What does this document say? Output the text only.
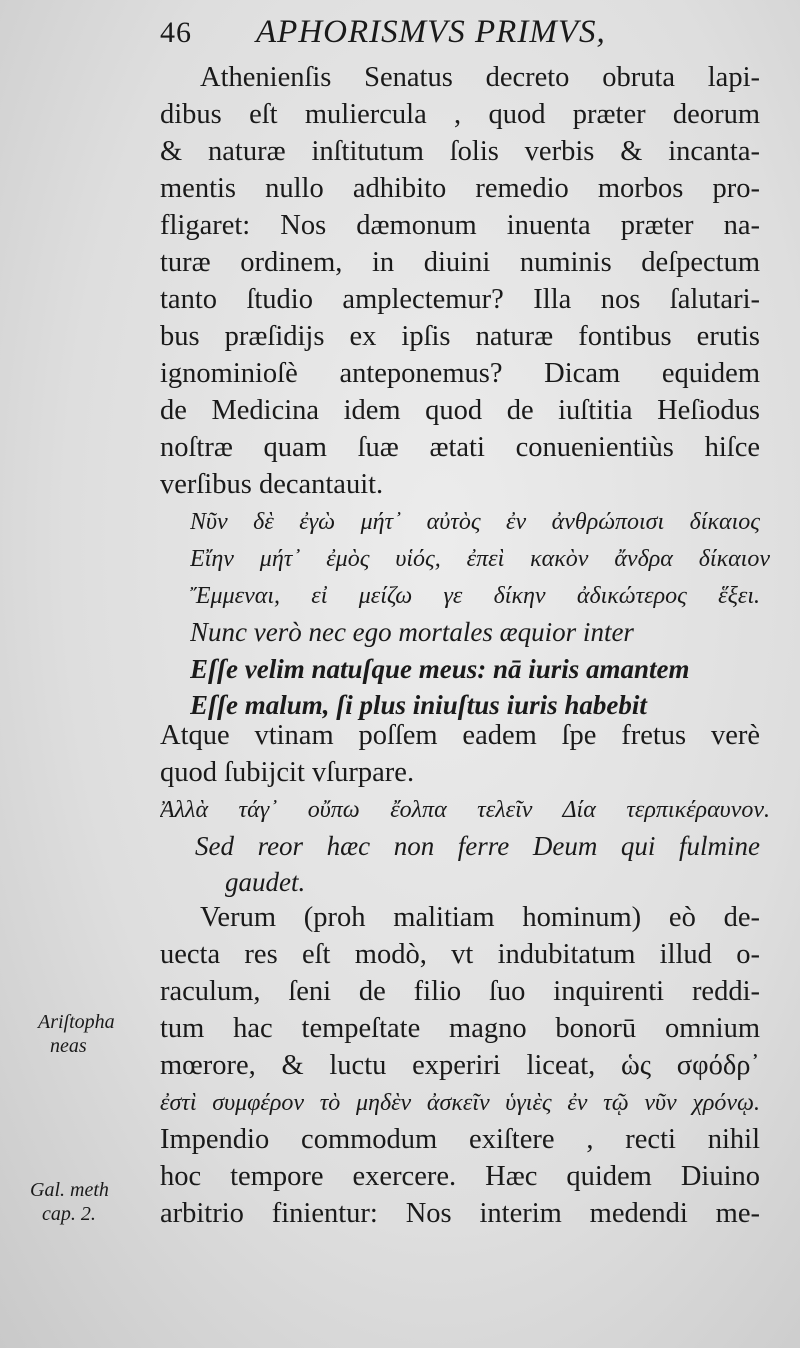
46 APHORISMVS PRIMVS,
Athenienſis Senatus decreto obruta lapi-
dibus eſt muliercula , quod præter deorum
& naturæ inſtitutum ſolis verbis & incanta-
mentis nullo adhibito remedio morbos pro-
fligaret: Nos dæmonum inuenta præter na-
turæ ordinem, in diuini numinis deſpectum
tanto ſtudio amplectemur? Illa nos ſalutari-
bus præſidijs ex ipſis naturæ fontibus erutis
ignominioſè anteponemus? Dicam equidem
de Medicina idem quod de iuſtitia Heſiodus
noſtræ quam ſuæ ætati conuenientiùs hiſce
verſibus decantauit.
Νῦν δὲ ἐγὼ μήτ᾽ αὐτὸς ἐν ἀνθρώποισι δίκαιος
Εἴην μήτ᾽ ἐμὸς υἱός, ἐπεὶ κακὸν ἄνδρα δίκαιον
Ἔμμεναι, εἰ μείζω γε δίκην ἀδικώτερος ἕξει.
Nunc verò nec ego mortales æquior inter
Eſſe velim natuſque meus: nā iuris amantem
Eſſe malum, ſi plus iniuſtus iuris habebit
Atque vtinam poſſem eadem ſpe fretus verè
quod ſubijcit vſurpare.
Ἀλλὰ τάγ᾽ οὔπω ἔολπα τελεῖν Δία τερπικέραυνον.
Sed reor hæc non ferre Deum qui fulmine
gaudet.
Verum (proh malitiam hominum) eò de-
uecta res eſt modò, vt indubitatum illud o-
raculum, ſeni de filio ſuo inquirenti reddi-
tum hac tempeſtate magno bonorū omnium
mœrore, & luctu experiri liceat, ὡς σφόδρ᾽
ἐστὶ συμφέρον τὸ μηδὲν ἀσκεῖν ὑγιὲς ἐν τῷ νῦν χρόνῳ.
Impendio commodum exiſtere , recti nihil
hoc tempore exercere. Hæc quidem Diuino
arbitrio finientur: Nos interim medendi me-
Ariſtopha
neas
Gal. meth
cap. 2.
